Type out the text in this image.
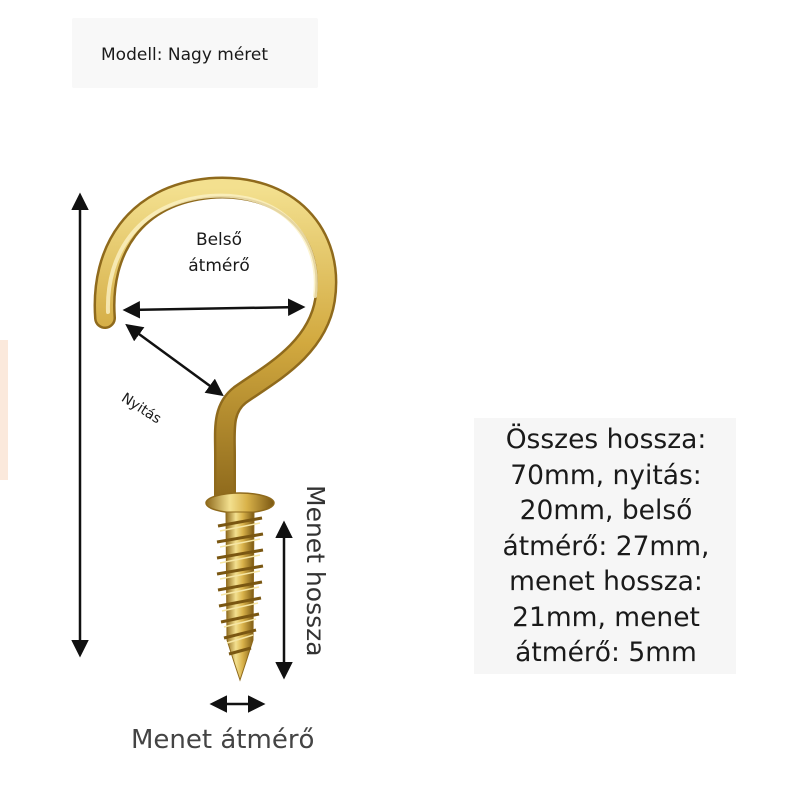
Modell: Nagy méret
Belső
átmérő
Nyitás
Menet hossza
Menet átmérő
Összes hossza:
70mm, nyitás:
20mm, belső
átmérő: 27mm,
menet hossza:
21mm, menet
átmérő: 5mm
